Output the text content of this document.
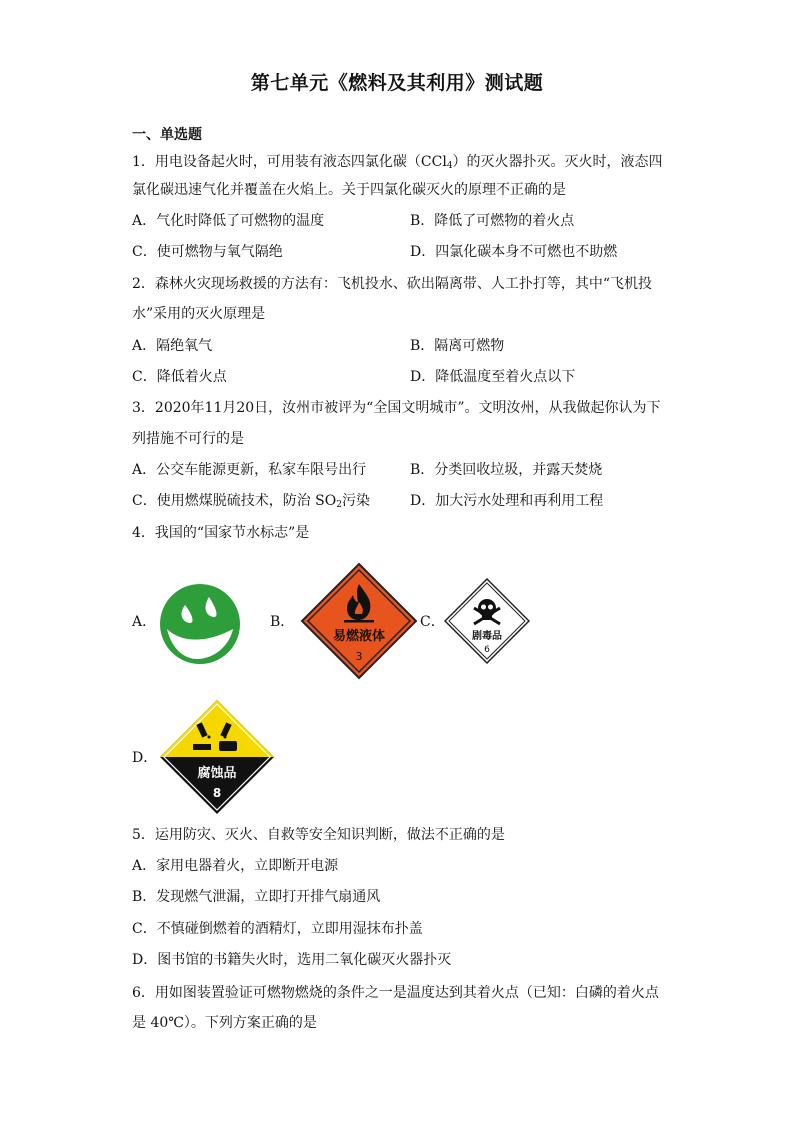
第七单元《燃料及其利用》测试题
一、单选题
1．用电设备起火时，可用装有液态四氯化碳（CCl$_4$）的灭火器扑灭。灭火时，液态四
氯化碳迅速气化并覆盖在火焰上。关于四氯化碳灭火的原理不正确的是
A．气化时降低了可燃物的温度	B．降低了可燃物的着火点
C．使可燃物与氧气隔绝	D．四氯化碳本身不可燃也不助燃
2．森林火灾现场救援的方法有：飞机投水、砍出隔离带、人工扑打等，其中“飞机投
水”采用的灭火原理是
A．隔绝氧气	B．隔离可燃物
C．降低着火点	D．降低温度至着火点以下
3．2020年11月20日，汝州市被评为“全国文明城市”。文明汝州，从我做起你认为下
列措施不可行的是
A．公交车能源更新，私家车限号出行	B．分类回收垃圾，并露天焚烧
C．使用燃煤脱硫技术，防治 $SO_2$污染	D．加大污水处理和再利用工程
4．我国的“国家节水标志”是
A．	B．
易燃液体
3
C．
剧毒品
6
D．
腐蚀品
8
5．运用防灾、灭火、自救等安全知识判断，做法不正确的是
A．家用电器着火，立即断开电源
B．发现燃气泄漏，立即打开排气扇通风
C．不慎碰倒燃着的酒精灯，立即用湿抹布扑盖
D．图书馆的书籍失火时，选用二氧化碳灭火器扑灭
6．用如图装置验证可燃物燃烧的条件之一是温度达到其着火点（已知：白磷的着火点
是 40℃）。下列方案正确的是
